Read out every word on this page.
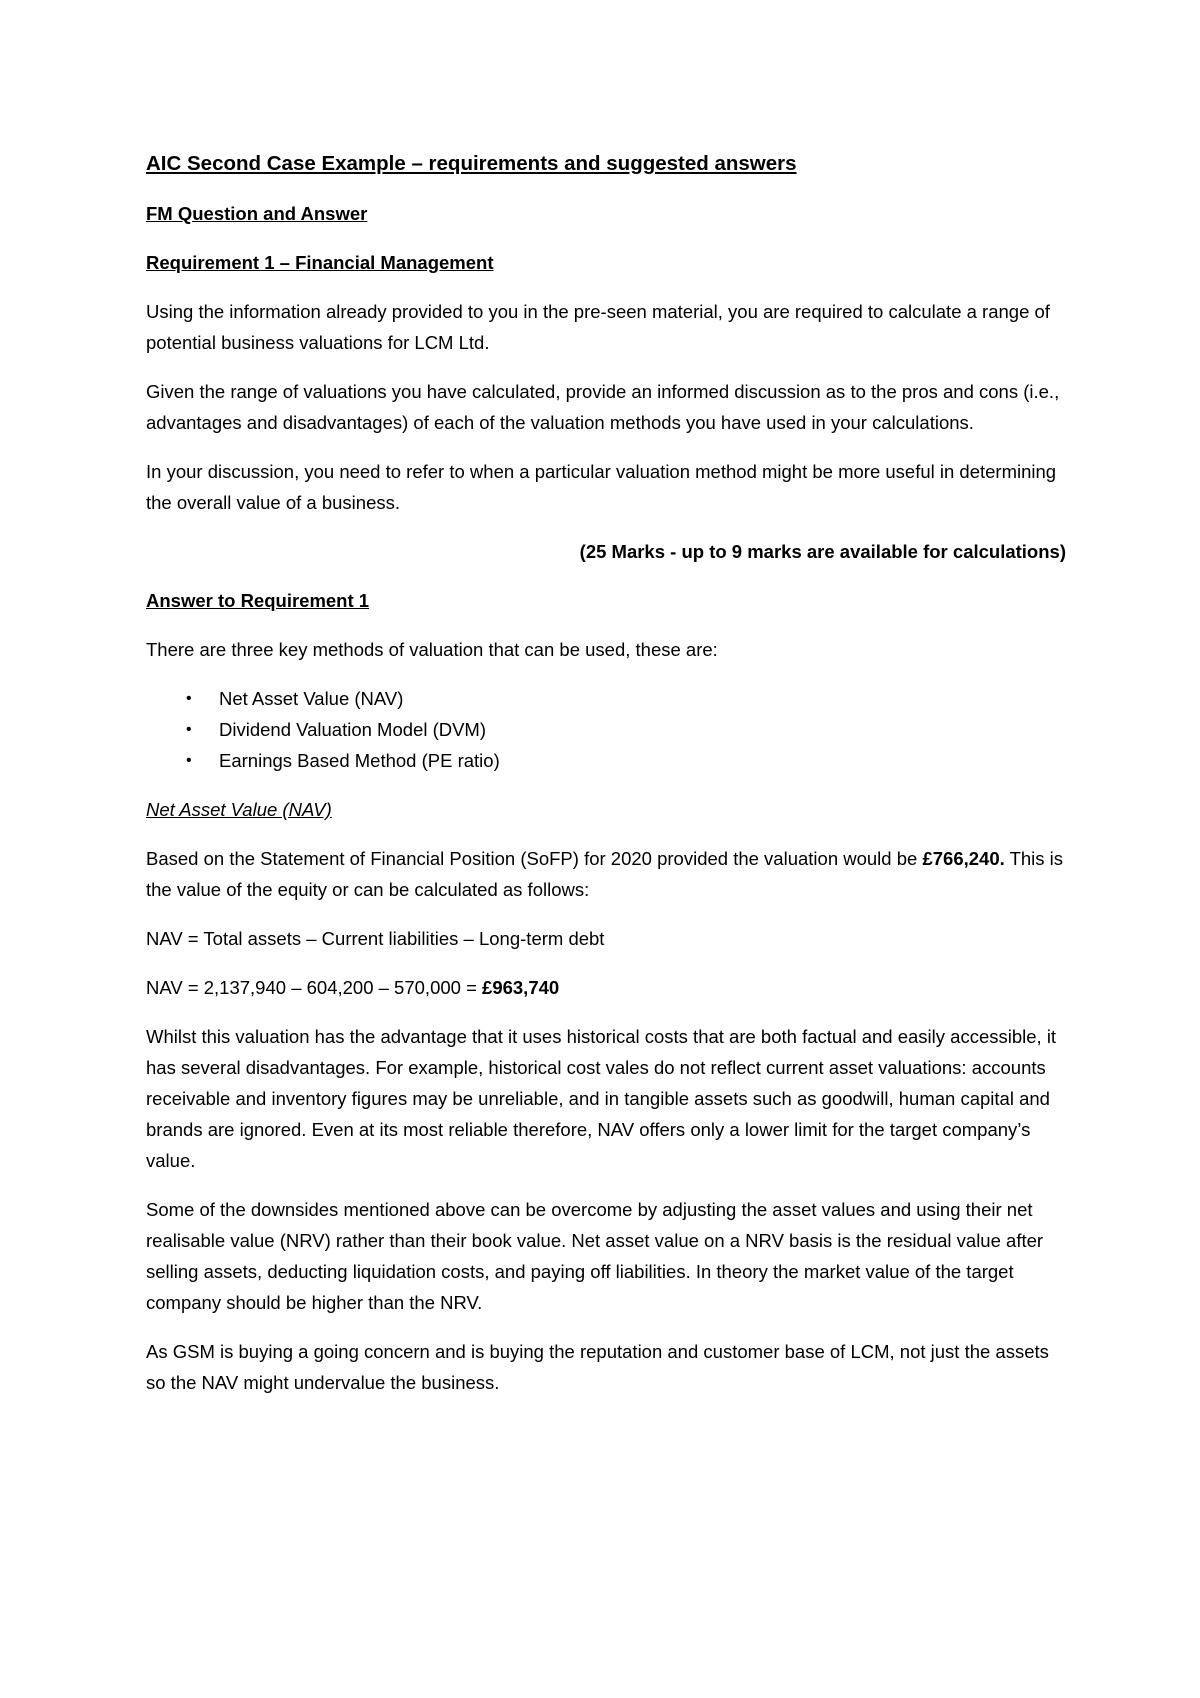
AIC Second Case Example – requirements and suggested answers
FM Question and Answer
Requirement 1 – Financial Management

Using the information already provided to you in the pre-seen material, you are required to calculate a range of potential business valuations for LCM Ltd.

Given the range of valuations you have calculated, provide an informed discussion as to the pros and cons (i.e., advantages and disadvantages) of each of the valuation methods you have used in your calculations.

In your discussion, you need to refer to when a particular valuation method might be more useful in determining the overall value of a business.

(25 Marks - up to 9 marks are available for calculations)
Answer to Requirement 1

There are three key methods of valuation that can be used, these are:

• Net Asset Value (NAV)
• Dividend Valuation Model (DVM)
• Earnings Based Method (PE ratio)
Net Asset Value (NAV)

Based on the Statement of Financial Position (SoFP) for 2020 provided the valuation would be £766,240. This is the value of the equity or can be calculated as follows:

NAV = Total assets – Current liabilities – Long-term debt

NAV = 2,137,940 – 604,200 – 570,000 = £963,740

Whilst this valuation has the advantage that it uses historical costs that are both factual and easily accessible, it has several disadvantages. For example, historical cost vales do not reflect current asset valuations: accounts receivable and inventory figures may be unreliable, and in tangible assets such as goodwill, human capital and brands are ignored. Even at its most reliable therefore, NAV offers only a lower limit for the target company’s value.

Some of the downsides mentioned above can be overcome by adjusting the asset values and using their net realisable value (NRV) rather than their book value. Net asset value on a NRV basis is the residual value after selling assets, deducting liquidation costs, and paying off liabilities. In theory the market value of the target company should be higher than the NRV.

As GSM is buying a going concern and is buying the reputation and customer base of LCM, not just the assets so the NAV might undervalue the business.
